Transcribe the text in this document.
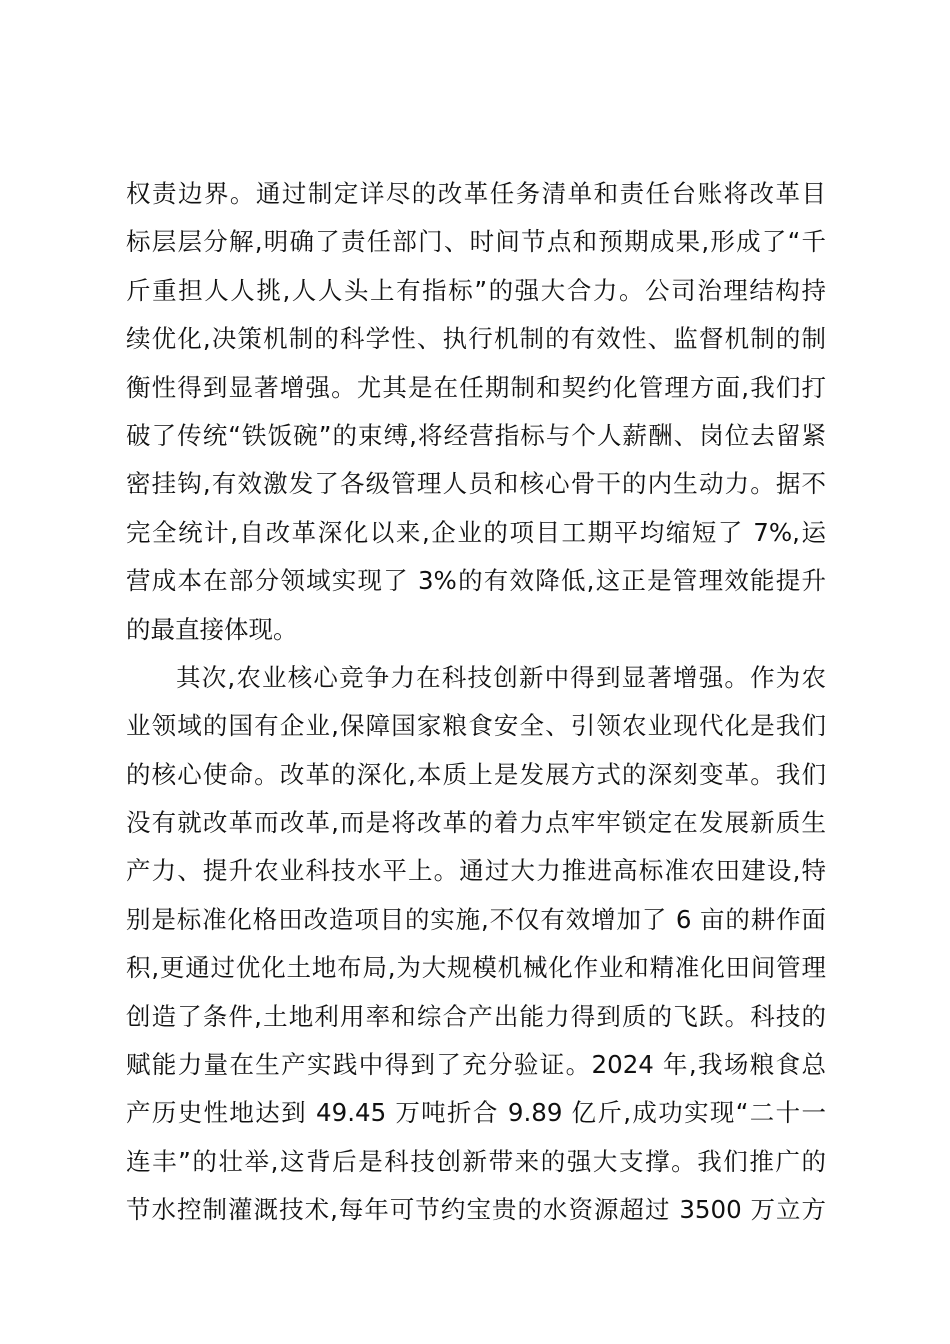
权责边界。通过制定详尽的改革任务清单和责任台账将改革目
标层层分解,明确了责任部门、时间节点和预期成果,形成了“千
斤重担人人挑,人人头上有指标”的强大合力。公司治理结构持
续优化,决策机制的科学性、执行机制的有效性、监督机制的制
衡性得到显著增强。尤其是在任期制和契约化管理方面,我们打
破了传统“铁饭碗”的束缚,将经营指标与个人薪酬、岗位去留紧
密挂钩,有效激发了各级管理人员和核心骨干的内生动力。据不
完全统计,自改革深化以来,企业的项目工期平均缩短了 7%,运
营成本在部分领域实现了 3%的有效降低,这正是管理效能提升
的最直接体现。
其次,农业核心竞争力在科技创新中得到显著增强。作为农
业领域的国有企业,保障国家粮食安全、引领农业现代化是我们
的核心使命。改革的深化,本质上是发展方式的深刻变革。我们
没有就改革而改革,而是将改革的着力点牢牢锁定在发展新质生
产力、提升农业科技水平上。通过大力推进高标准农田建设,特
别是标准化格田改造项目的实施,不仅有效增加了 6 亩的耕作面
积,更通过优化土地布局,为大规模机械化作业和精准化田间管理
创造了条件,土地利用率和综合产出能力得到质的飞跃。科技的
赋能力量在生产实践中得到了充分验证。2024 年,我场粮食总
产历史性地达到 49.45 万吨折合 9.89 亿斤,成功实现“二十一
连丰”的壮举,这背后是科技创新带来的强大支撑。我们推广的
节水控制灌溉技术,每年可节约宝贵的水资源超过 3500 万立方
